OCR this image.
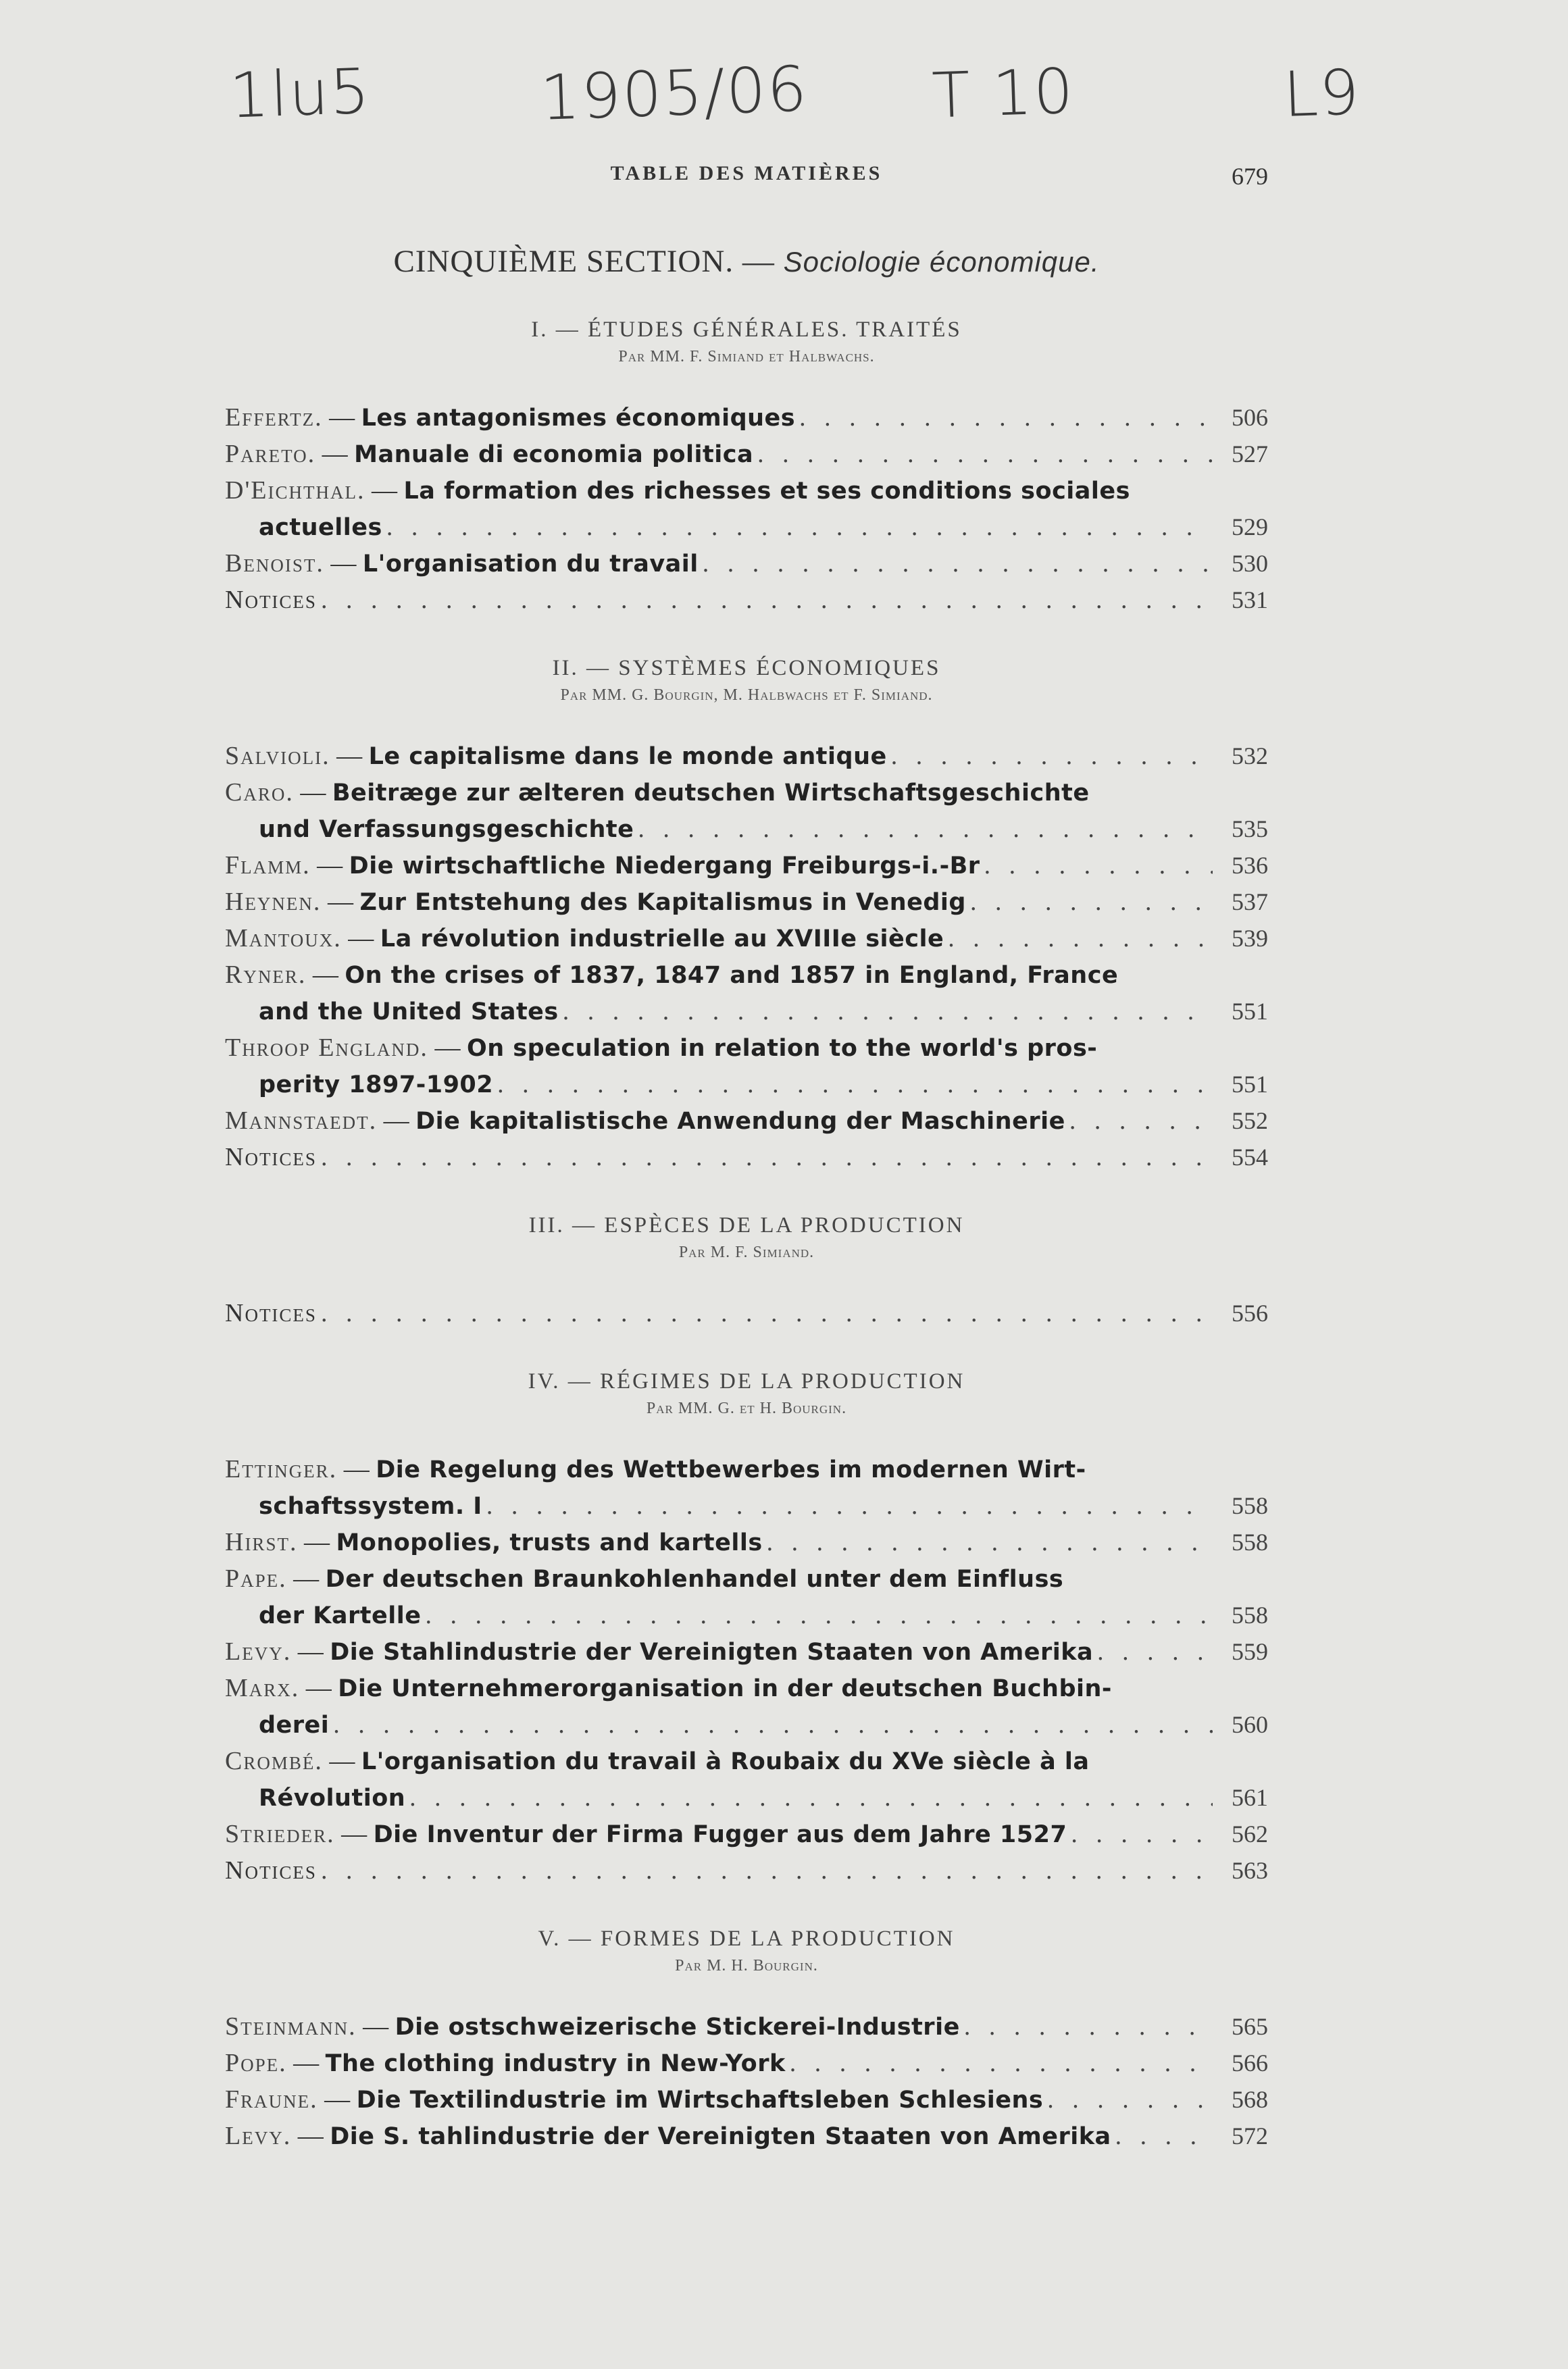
1lu5	1905/06 T 10	L9
TABLE DES MATIÈRES	679
CINQUIÈME SECTION. — Sociologie économique.
I. — ÉTUDES GÉNÉRALES. TRAITÉS
Par MM. F. Simiand et Halbwachs.
Effertz. — Les antagonismes économiques . . .	506
Pareto. — Manuale di economia politica . . .	527
D'Eichthal. — La formation des richesses et ses conditions sociales
actuelles . . .	529
Benoist. — L'organisation du travail . . .	530
Notices . . .	531
II. — SYSTÈMES ÉCONOMIQUES
Par MM. G. Bourgin, M. Halbwachs et F. Simiand.
Salvioli. — Le capitalisme dans le monde antique . . .	532
Caro. — Beitræge zur ælteren deutschen Wirtschaftsgeschichte
und Verfassungsgeschichte . . .	535
Flamm. — Die wirtschaftliche Niedergang Freiburgs-i.-Br . . .	536
Heynen. — Zur Entstehung des Kapitalismus in Venedig . . .	537
Mantoux. — La révolution industrielle au XVIIIe siècle . . .	539
Ryner. — On the crises of 1837, 1847 and 1857 in England, France
and the United States . . .	551
Throop England. — On speculation in relation to the world's pros-
perity 1897-1902 . . .	551
Mannstaedt. — Die kapitalistische Anwendung der Maschinerie . . .	552
Notices . . .	554
III. — ESPÈCES DE LA PRODUCTION
Par M. F. Simiand.
Notices . . .	556
IV. — RÉGIMES DE LA PRODUCTION
Par MM. G. et H. Bourgin.
Ettinger. — Die Regelung des Wettbewerbes im modernen Wirt-
schaftssystem. I . . .	558
Hirst. — Monopolies, trusts and kartells . . .	558
Pape. — Der deutschen Braunkohlenhandel unter dem Einfluss
der Kartelle . . .	558
Levy. — Die Stahlindustrie der Vereinigten Staaten von Amerika . . .	559
Marx. — Die Unternehmerorganisation in der deutschen Buchbin-
derei . . .	560
Crombé. — L'organisation du travail à Roubaix du XVe siècle à la
Révolution . . .	561
Strieder. — Die Inventur der Firma Fugger aus dem Jahre 1527 . . .	562
Notices . . .	563
V. — FORMES DE LA PRODUCTION
Par M. H. Bourgin.
Steinmann. — Die ostschweizerische Stickerei-Industrie . . .	565
Pope. — The clothing industry in New-York . . .	566
Fraune. — Die Textilindustrie im Wirtschaftsleben Schlesiens . . .	568
Levy. — Die S. tahlindustrie der Vereinigten Staaten von Amerika . . .	572
